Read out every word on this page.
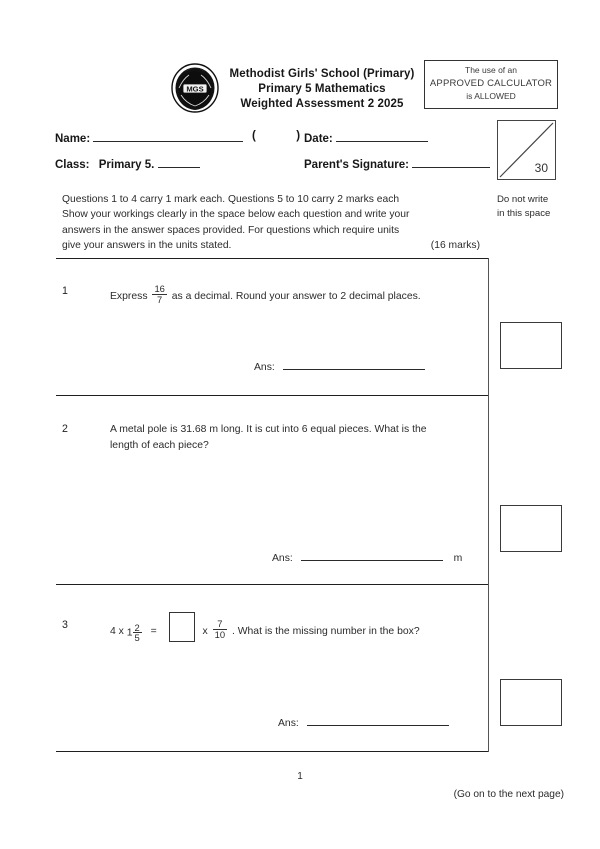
MGS
Methodist Girls' School (Primary)
Primary 5 Mathematics
Weighted Assessment 2 2025
The use of an
APPROVED CALCULATOR
is ALLOWED
30
Name:	(	) Date:
Class: Primary 5.	Parent's Signature:
Questions 1 to 4 carry 1 mark each. Questions 5 to 10 carry 2 marks each
Show your workings clearly in the space below each question and write your
answers in the answer spaces provided. For questions which require units
(16 marks)
give your answers in the units stated.
Do not write
in this space
1	Express $\frac{16}{7}$ as a decimal. Round your answer to 2 decimal places.
Ans:
2	A metal pole is 31.68 m long. It is cut into 6 equal pieces. What is the
length of each piece?
Ans:	m
3
4 x $1 \frac{2}{5}$ =	x $\frac{7}{10}$ . What is the missing number in the box?
Ans:
1
(Go on to the next page)
